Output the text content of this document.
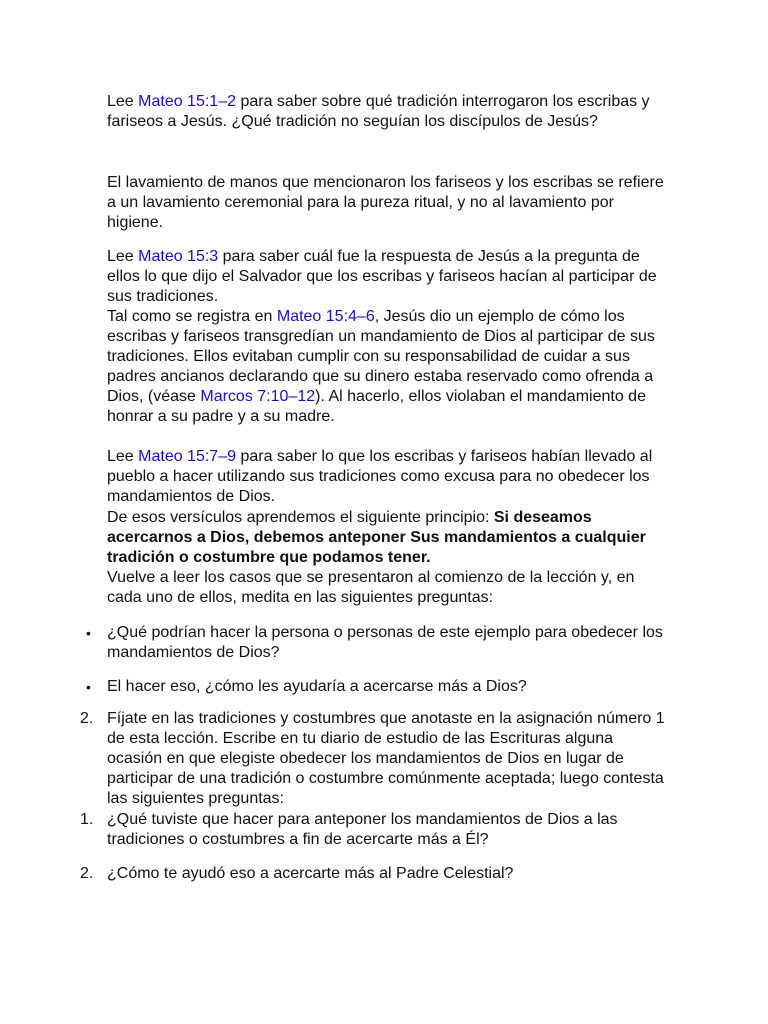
Lee Mateo 15:1–2 para saber sobre qué tradición interrogaron los escribas y fariseos a Jesús. ¿Qué tradición no seguían los discípulos de Jesús?

El lavamiento de manos que mencionaron los fariseos y los escribas se refiere a un lavamiento ceremonial para la pureza ritual, y no al lavamiento por higiene.

Lee Mateo 15:3 para saber cuál fue la respuesta de Jesús a la pregunta de ellos lo que dijo el Salvador que los escribas y fariseos hacían al participar de sus tradiciones.

Tal como se registra en Mateo 15:4–6, Jesús dio un ejemplo de cómo los escribas y fariseos transgredían un mandamiento de Dios al participar de sus tradiciones. Ellos evitaban cumplir con su responsabilidad de cuidar a sus padres ancianos declarando que su dinero estaba reservado como ofrenda a Dios, (véase Marcos 7:10–12). Al hacerlo, ellos violaban el mandamiento de honrar a su padre y a su madre.

Lee Mateo 15:7–9 para saber lo que los escribas y fariseos habían llevado al pueblo a hacer utilizando sus tradiciones como excusa para no obedecer los mandamientos de Dios.

De esos versículos aprendemos el siguiente principio: Si deseamos acercarnos a Dios, debemos anteponer Sus mandamientos a cualquier tradición o costumbre que podamos tener.

Vuelve a leer los casos que se presentaron al comienzo de la lección y, en cada uno de ellos, medita en las siguientes preguntas:

•	¿Qué podrían hacer la persona o personas de este ejemplo para obedecer los mandamientos de Dios?
•	El hacer eso, ¿cómo les ayudaría a acercarse más a Dios?
2. Fíjate en las tradiciones y costumbres que anotaste en la asignación número 1 de esta lección. Escribe en tu diario de estudio de las Escrituras alguna ocasión en que elegiste obedecer los mandamientos de Dios en lugar de participar de una tradición o costumbre comúnmente aceptada; luego contesta las siguientes preguntas:
1. ¿Qué tuviste que hacer para anteponer los mandamientos de Dios a las tradiciones o costumbres a fin de acercarte más a Él?
2. ¿Cómo te ayudó eso a acercarte más al Padre Celestial?
